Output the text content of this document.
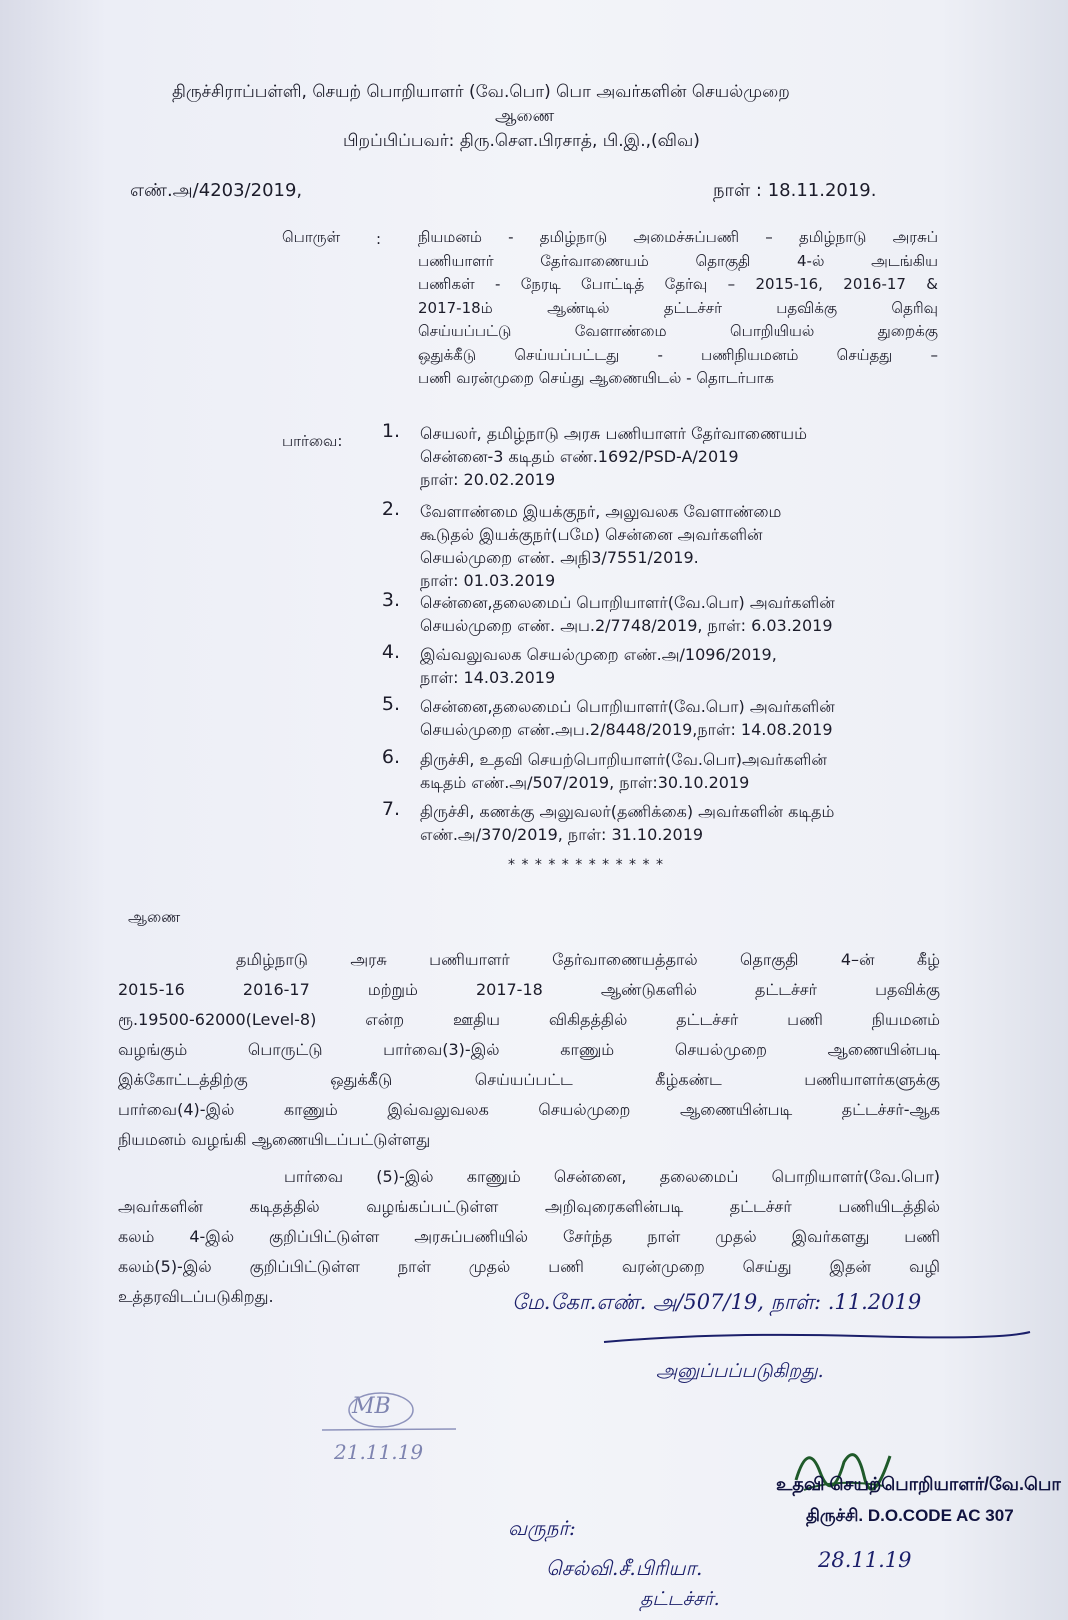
திருச்சிராப்பள்ளி, செயற் பொறியாளர் (வே.பொ) பொ அவர்களின் செயல்முறை
ஆணை
பிறப்பிப்பவர்: திரு.செள.பிரசாத், பி.இ.,(விவ)
எண்.அ/4203/2019,	நாள் : 18.11.2019.
பொருள் : நியமனம் - தமிழ்நாடு அமைச்சுப்பணி – தமிழ்நாடு அரசுப்
பணியாளர் தேர்வாணையம் தொகுதி 4-ல் அடங்கிய
பணிகள் - நேரடி போட்டித் தேர்வு – 2015-16, 2016-17 &
2017-18ம் ஆண்டில் தட்டச்சர் பதவிக்கு தெரிவு
செய்யப்பட்டு வேளாண்மை பொறியியல் துறைக்கு
ஒதுக்கீடு செய்யப்பட்டது - பணிநியமனம் செய்தது –
பணி வரன்முறை செய்து ஆணையிடல் - தொடர்பாக
பார்வை:	1. செயலர், தமிழ்நாடு அரசு பணியாளர் தேர்வாணையம்
சென்னை-3 கடிதம் எண்.1692/PSD-A/2019
நாள்: 20.02.2019
2. வேளாண்மை இயக்குநர், அலுவலக வேளாண்மை
கூடுதல் இயக்குநர்(பமே) சென்னை அவர்களின்
செயல்முறை எண். அநி3/7551/2019.
நாள்: 01.03.2019
3. சென்னை,தலைமைப் பொறியாளர்(வே.பொ) அவர்களின்
செயல்முறை எண். அப.2/7748/2019, நாள்: 6.03.2019
4. இவ்வலுவலக செயல்முறை எண்.அ/1096/2019,
நாள்: 14.03.2019
5. சென்னை,தலைமைப் பொறியாளர்(வே.பொ) அவர்களின்
செயல்முறை எண்.அப.2/8448/2019,நாள்: 14.08.2019
6. திருச்சி, உதவி செயற்பொறியாளர்(வே.பொ)அவர்களின்
கடிதம் எண்.அ/507/2019, நாள்:30.10.2019
7. திருச்சி, கணக்கு அலுவலர்(தணிக்கை) அவர்களின் கடிதம்
எண்.அ/370/2019, நாள்: 31.10.2019
* * * * * * * * * * * *
ஆணை
தமிழ்நாடு அரசு பணியாளர் தேர்வாணையத்தால் தொகுதி 4–ன் கீழ்
2015-16 2016-17 மற்றும் 2017-18 ஆண்டுகளில் தட்டச்சர் பதவிக்கு
ரூ.19500-62000(Level-8) என்ற ஊதிய விகிதத்தில் தட்டச்சர் பணி நியமனம்
வழங்கும் பொருட்டு பார்வை(3)-இல் காணும் செயல்முறை ஆணையின்படி
இக்கோட்டத்திற்கு ஒதுக்கீடு செய்யப்பட்ட கீழ்கண்ட பணியாளர்களுக்கு
பார்வை(4)-இல் காணும் இவ்வலுவலக செயல்முறை ஆணையின்படி தட்டச்சர்-ஆக
நியமனம் வழங்கி ஆணையிடப்பட்டுள்ளது
பார்வை (5)-இல் காணும் சென்னை, தலைமைப் பொறியாளர்(வே.பொ)
அவர்களின் கடிதத்தில் வழங்கப்பட்டுள்ள அறிவுரைகளின்படி தட்டச்சர் பணியிடத்தில்
கலம் 4-இல் குறிப்பிட்டுள்ள அரசுப்பணியில் சேர்ந்த நாள் முதல் இவர்களது பணி
கலம்(5)-இல் குறிப்பிட்டுள்ள நாள் முதல் பணி வரன்முறை செய்து இதன் வழி
உத்தரவிடப்படுகிறது.	மே.கோ.எண். அ/507/19, நாள்: .11.2019
அனுப்பப்படுகிறது.
MB
21.11.19
உதவி செயற்பொறியாளர்/வே.பொ
திருச்சி. D.O.CODE AC 307
28.11.19
வருநர்:
செல்வி.சீ.பிரியா.
தட்டச்சர்.
